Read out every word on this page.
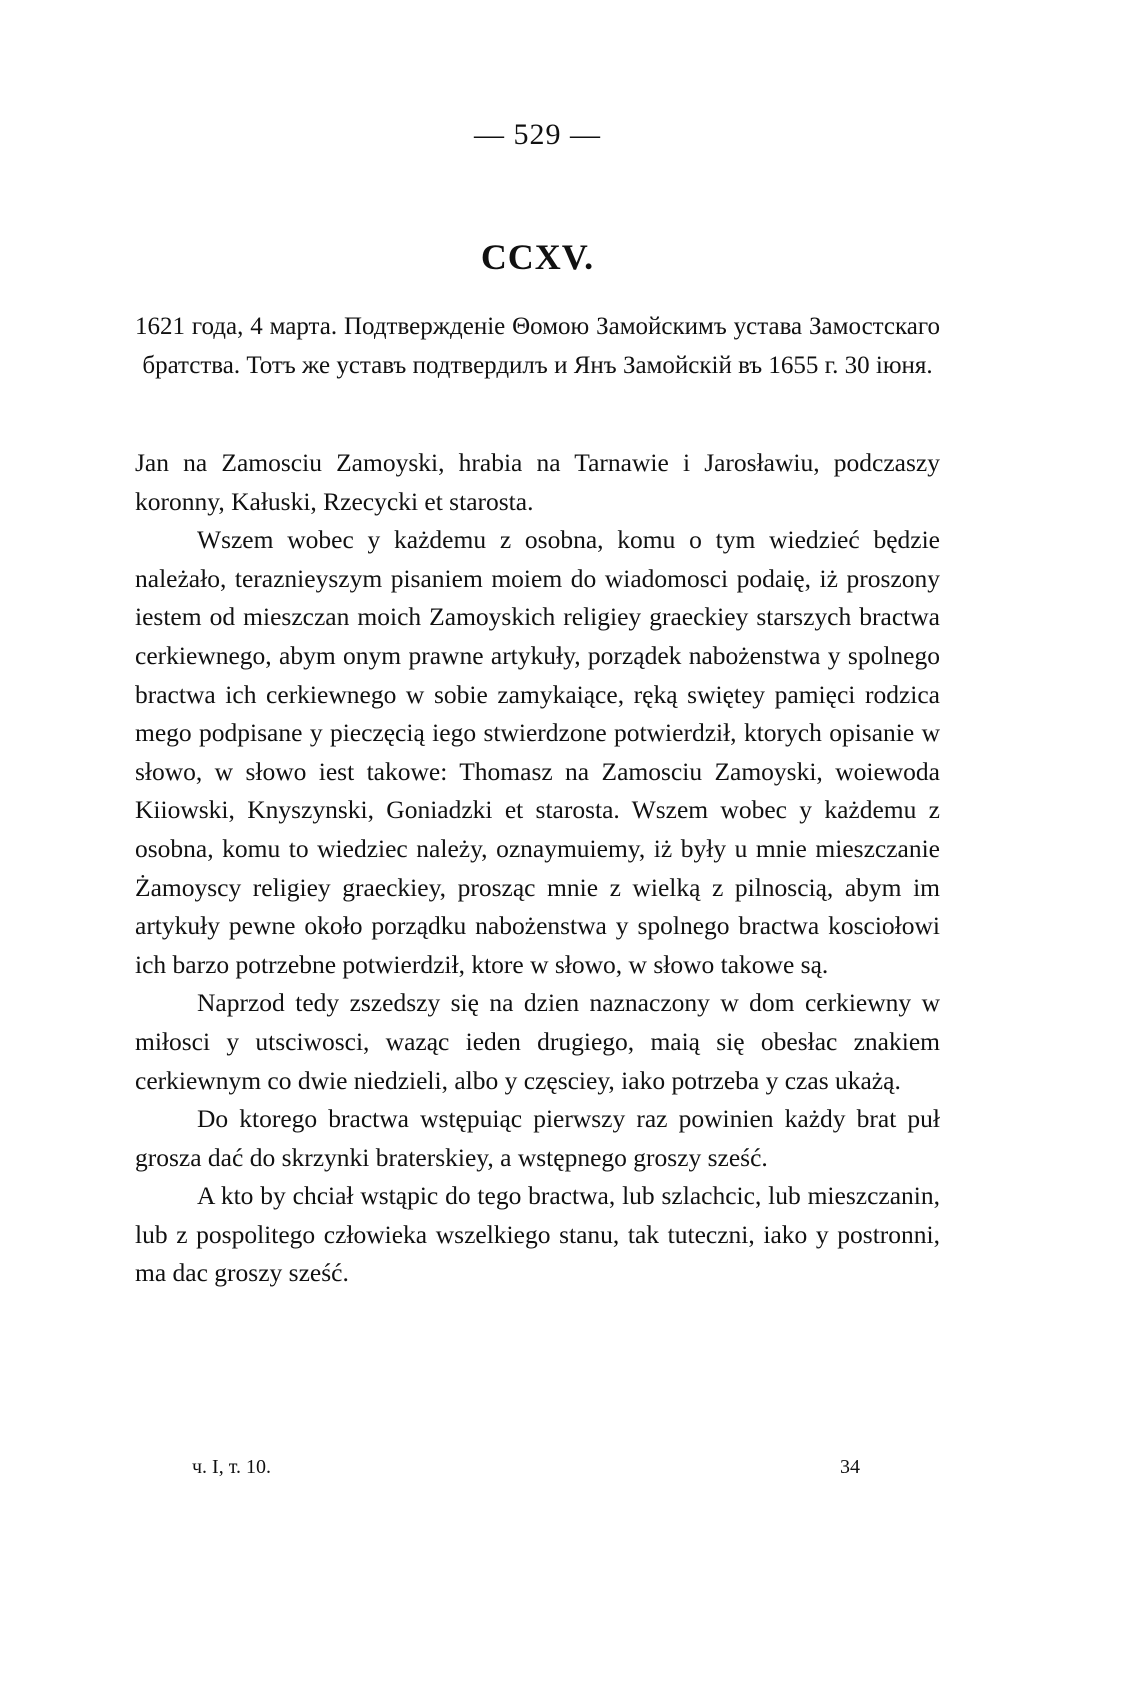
— 529 —
CCXV.
1621 года, 4 марта. Подтвержденіе Θомою Замойскимъ устава Замостскаго братства. Тотъ же уставъ подтвердилъ и Янъ Замойскій въ 1655 г. 30 іюня.

Jan na Zamosciu Zamoyski, hrabia na Tarnawie i Jarosławiu, podczaszy koronny, Kałuski, Rzecycki et starosta.

Wszem wobec y każdemu z osobna, komu o tym wiedzieć będzie należało, teraznieyszym pisaniem moiem do wiadomosci podaię, iż proszony iestem od mieszczan moich Zamoyskich religiey graeckiey starszych bractwa cerkiewnego, abym onym prawne artykuły, porządek nabożenstwa y spolnego bractwa ich cerkiewnego w sobie zamykaiące, ręką swiętey pamięci rodzica mego podpisane y pieczęcią iego stwierdzone potwierdził, ktorych opisanie w słowo, w słowo iest takowe: Thomasz na Zamosciu Zamoyski, woiewoda Kiiowski, Knyszynski, Goniadzki et starosta. Wszem wobec y każdemu z osobna, komu to wiedziec należy, oznaymuiemy, iż były u mnie mieszczanie Żamoyscy religiey graeckiey, prosząc mnie z wielką z pilnoscią, abym im artykuły pewne około porządku nabożenstwa y spolnego bractwa kosciołowi ich barzo potrzebne potwierdził, ktore w słowo, w słowo takowe są.

Naprzod tedy zszedszy się na dzien naznaczony w dom cerkiewny w miłosci y utsciwosci, waząc ieden drugiego, maią się obesłac znakiem cerkiewnym co dwie niedzieli, albo y częsciey, iako potrzeba y czas ukażą.

Do ktorego bractwa wstępuiąc pierwszy raz powinien każdy brat puł grosza dać do skrzynki braterskiey, a wstępnego groszy sześć.

A kto by chciał wstąpic do tego bractwa, lub szlachcic, lub mieszczanin, lub z pospolitego człowieka wszelkiego stanu, tak tuteczni, iako y postronni, ma dac groszy sześć.

ч. I, т. 10.	34
